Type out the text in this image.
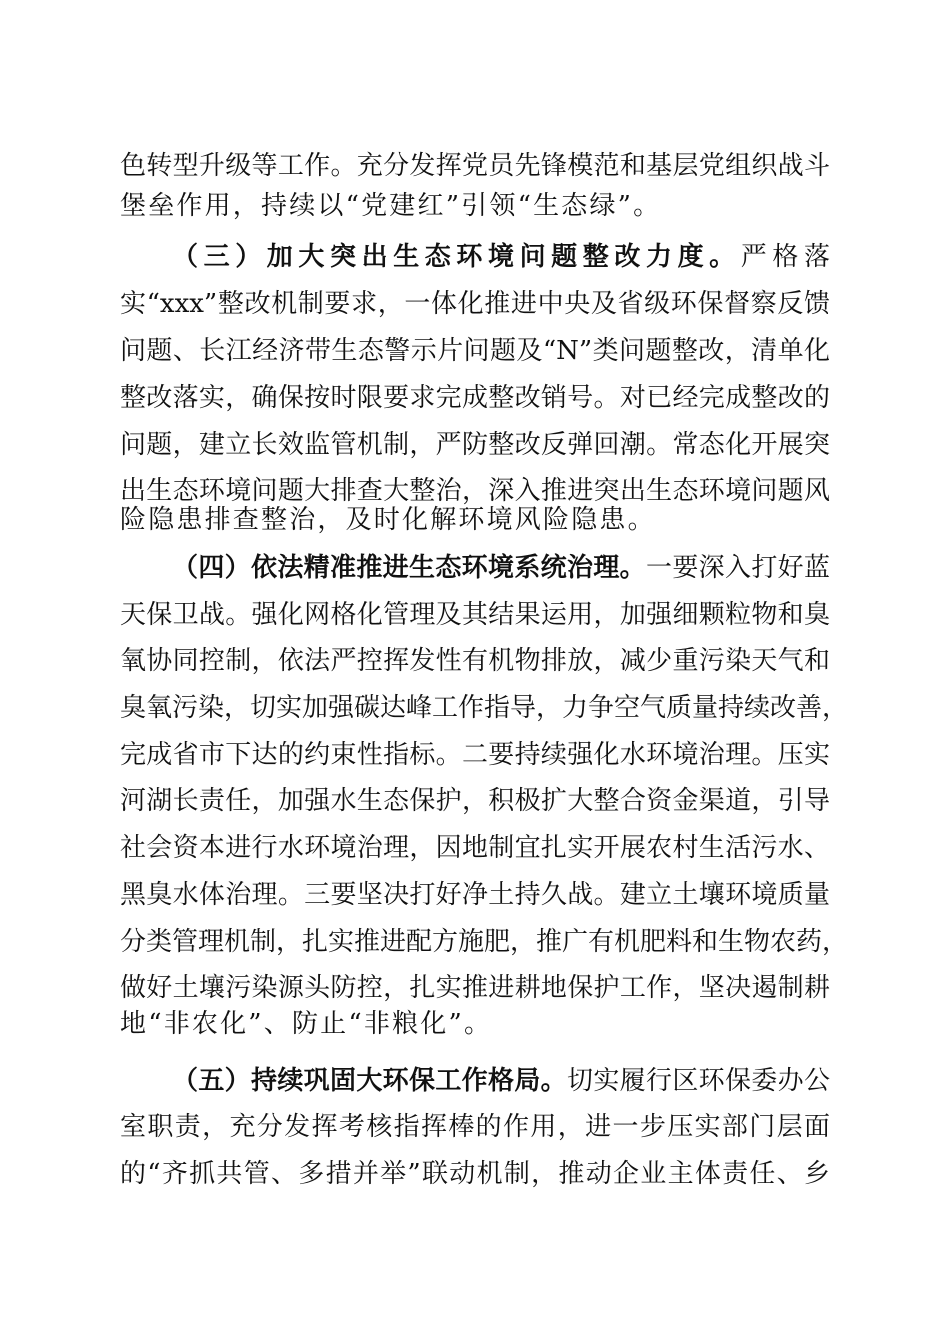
色转型升级等工作。充分发挥党员先锋模范和基层党组织战斗
堡垒作用，持续以“党建红”引领“生态绿”。
（三）加大突出生态环境问题整改力度。严格落
实“xxx”整改机制要求，一体化推进中央及省级环保督察反馈
问题、长江经济带生态警示片问题及“N”类问题整改，清单化
整改落实，确保按时限要求完成整改销号。对已经完成整改的
问题，建立长效监管机制，严防整改反弹回潮。常态化开展突
出生态环境问题大排查大整治，深入推进突出生态环境问题风
险隐患排查整治，及时化解环境风险隐患。
（四）依法精准推进生态环境系统治理。一要深入打好蓝
天保卫战。强化网格化管理及其结果运用，加强细颗粒物和臭
氧协同控制，依法严控挥发性有机物排放，减少重污染天气和
臭氧污染，切实加强碳达峰工作指导，力争空气质量持续改善，
完成省市下达的约束性指标。二要持续强化水环境治理。压实
河湖长责任，加强水生态保护，积极扩大整合资金渠道，引导
社会资本进行水环境治理，因地制宜扎实开展农村生活污水、
黑臭水体治理。三要坚决打好净土持久战。建立土壤环境质量
分类管理机制，扎实推进配方施肥，推广有机肥料和生物农药，
做好土壤污染源头防控，扎实推进耕地保护工作，坚决遏制耕
地“非农化”、防止“非粮化”。
（五）持续巩固大环保工作格局。切实履行区环保委办公
室职责，充分发挥考核指挥棒的作用，进一步压实部门层面
的“齐抓共管、多措并举”联动机制，推动企业主体责任、乡
